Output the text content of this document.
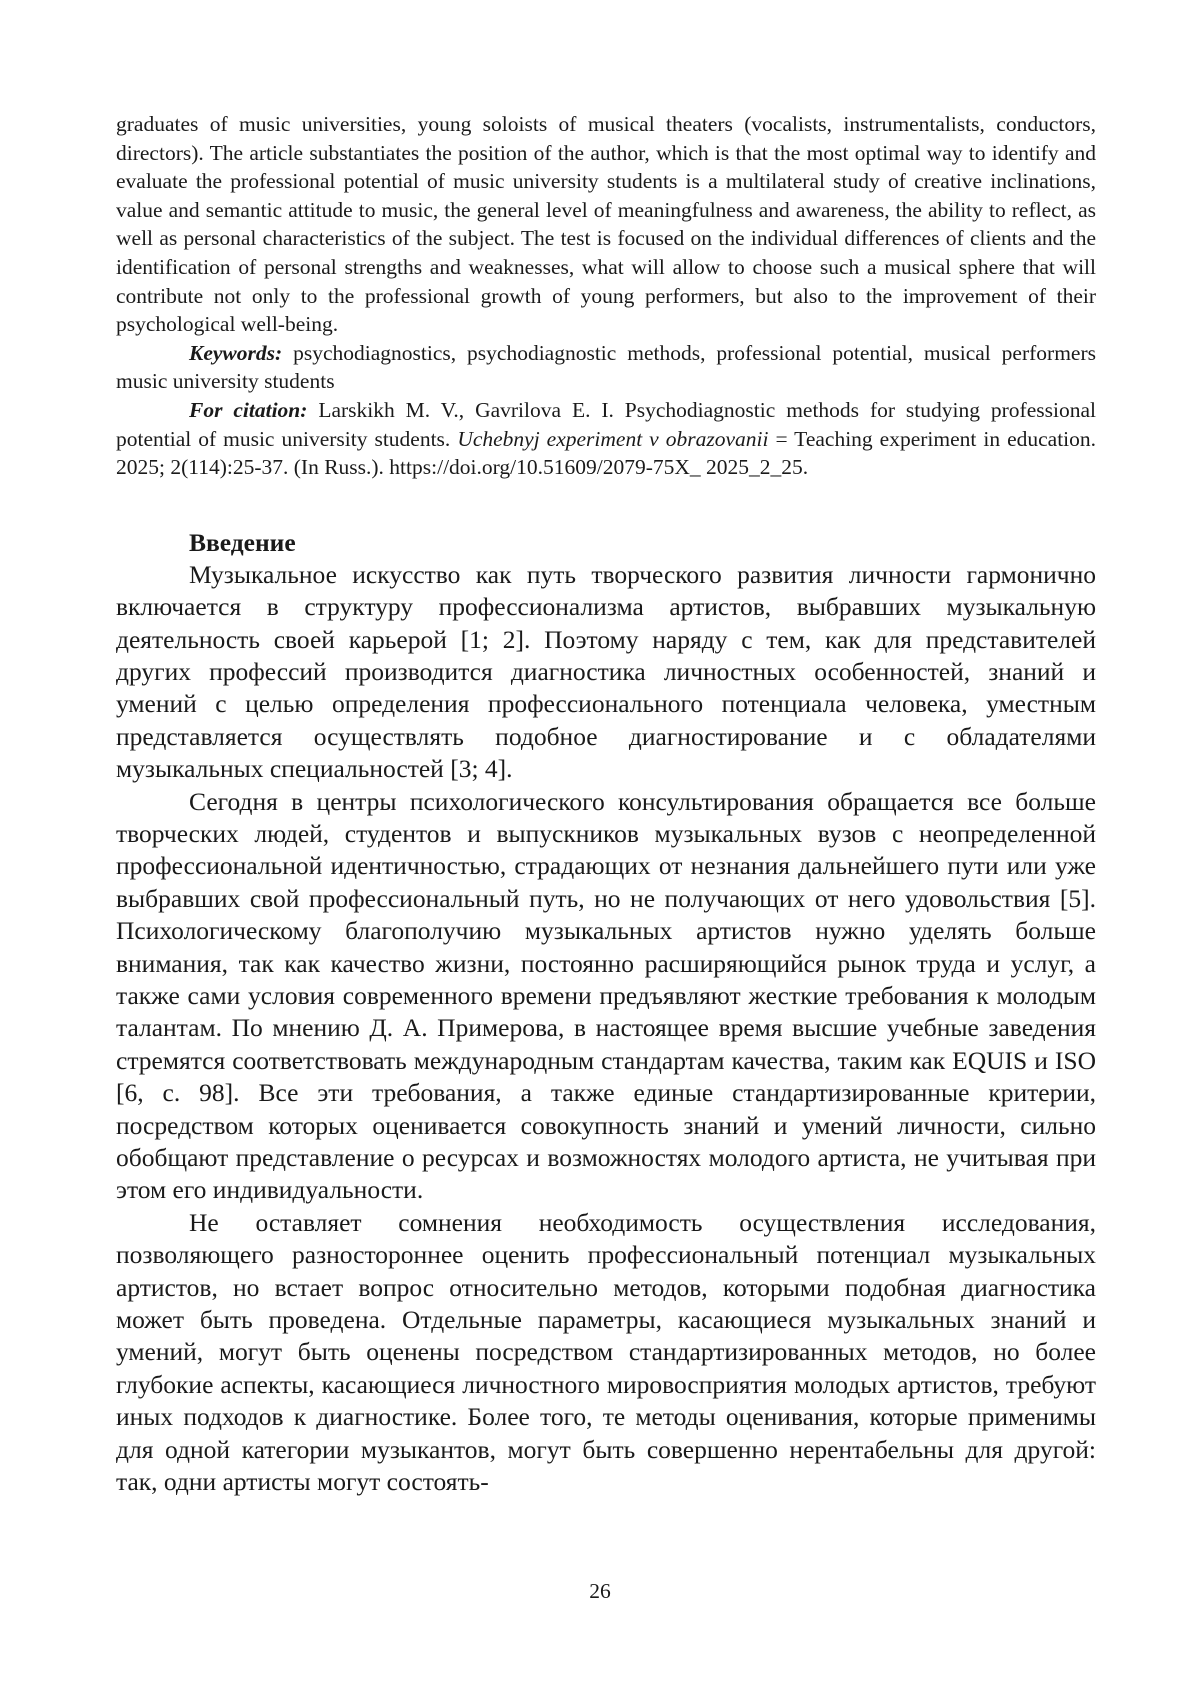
graduates of music universities, young soloists of musical theaters (vocalists, instrumentalists, conductors, directors). The article substantiates the position of the author, which is that the most optimal way to identify and evaluate the professional potential of music university students is a multilateral study of creative inclinations, value and semantic attitude to music, the general level of meaningfulness and awareness, the ability to reflect, as well as personal characteristics of the subject. The test is focused on the individual differences of clients and the identification of personal strengths and weaknesses, what will allow to choose such a musical sphere that will contribute not only to the professional growth of young performers, but also to the improvement of their psychological well-being.

Keywords: psychodiagnostics, psychodiagnostic methods, professional potential, musical performers music university students

For citation: Larskikh M. V., Gavrilova E. I. Psychodiagnostic methods for studying professional potential of music university students. Uchebnyj experiment v obrazovanii = Teaching experiment in education. 2025; 2(114):25-37. (In Russ.). https://doi.org/10.51609/2079-75X_ 2025_2_25.

Введение

Музыкальное искусство как путь творческого развития личности гармонично включается в структуру профессионализма артистов, выбравших музыкальную деятельность своей карьерой [1; 2]. Поэтому наряду с тем, как для представителей других профессий производится диагностика личностных особенностей, знаний и умений с целью определения профессионального потенциала человека, уместным представляется осуществлять подобное диагностирование и с обладателями музыкальных специальностей [3; 4].

Сегодня в центры психологического консультирования обращается все больше творческих людей, студентов и выпускников музыкальных вузов с неопределенной профессиональной идентичностью, страдающих от незнания дальнейшего пути или уже выбравших свой профессиональный путь, но не получающих от него удовольствия [5]. Психологическому благополучию музыкальных артистов нужно уделять больше внимания, так как качество жизни, постоянно расширяющийся рынок труда и услуг, а также сами условия современного времени предъявляют жесткие требования к молодым талантам. По мнению Д. А. Примерова, в настоящее время высшие учебные заведения стремятся соответствовать международным стандартам качества, таким как EQUIS и ISO [6, с. 98]. Все эти требования, а также единые стандартизированные критерии, посредством которых оценивается совокупность знаний и умений личности, сильно обобщают представление о ресурсах и возможностях молодого артиста, не учитывая при этом его индивидуальности.

Не оставляет сомнения необходимость осуществления исследования, позволяющего разностороннее оценить профессиональный потенциал музыкальных артистов, но встает вопрос относительно методов, которыми подобная диагностика может быть проведена. Отдельные параметры, касающиеся музыкальных знаний и умений, могут быть оценены посредством стандартизированных методов, но более глубокие аспекты, касающиеся личностного мировосприятия молодых артистов, требуют иных подходов к диагностике. Более того, те методы оценивания, которые применимы для одной категории музыкантов, могут быть совершенно нерентабельны для другой: так, одни артисты могут состоять-

26
